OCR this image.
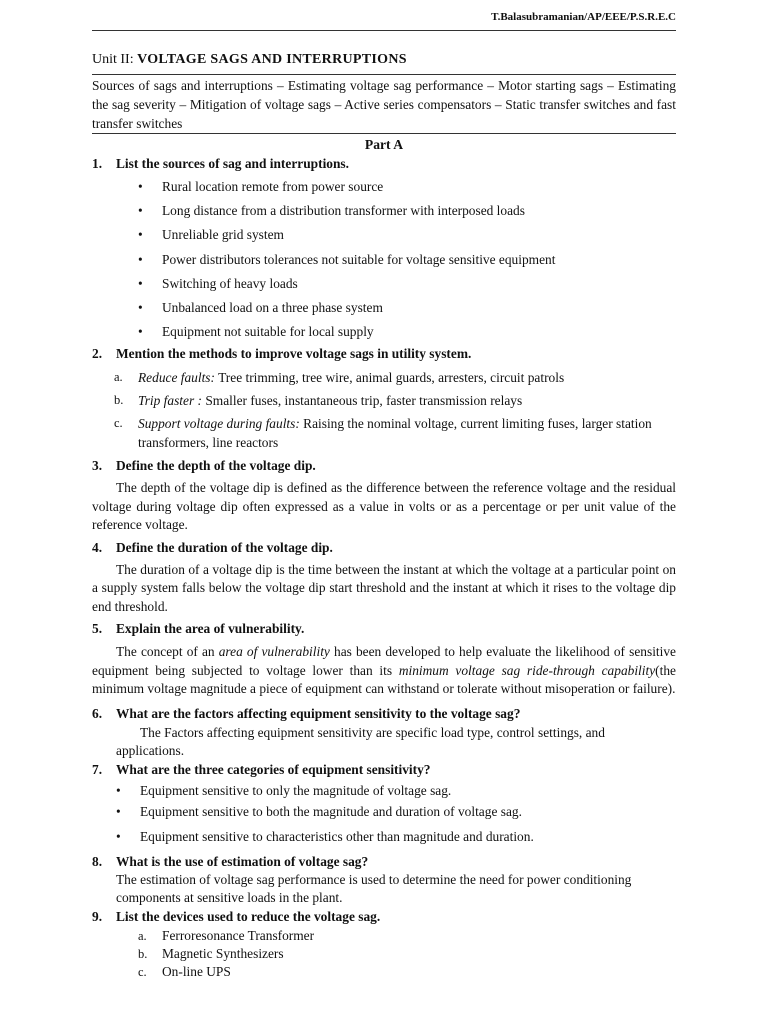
T.Balasubramanian/AP/EEE/P.S.R.E.C
Unit II: VOLTAGE SAGS AND INTERRUPTIONS
Sources of sags and interruptions – Estimating voltage sag performance – Motor starting sags – Estimating the sag severity – Mitigation of voltage sags – Active series compensators – Static transfer switches and fast transfer switches
Part A
1.	List the sources of sag and interruptions.
• Rural location remote from power source
• Long distance from a distribution transformer with interposed loads
• Unreliable grid system
• Power distributors tolerances not suitable for voltage sensitive equipment
• Switching of heavy loads
• Unbalanced load on a three phase system
• Equipment not suitable for local supply
2.	Mention the methods to improve voltage sags in utility system.
a. Reduce faults: Tree trimming, tree wire, animal guards, arresters, circuit patrols
b. Trip faster : Smaller fuses, instantaneous trip, faster transmission relays
c. Support voltage during faults: Raising the nominal voltage, current limiting fuses, larger station transformers, line reactors
3.	Define the depth of the voltage dip.

The depth of the voltage dip is defined as the difference between the reference voltage and the residual voltage during voltage dip often expressed as a value in volts or as a percentage or per unit value of the reference voltage.

4.	Define the duration of the voltage dip.

The duration of a voltage dip is the time between the instant at which the voltage at a particular point on a supply system falls below the voltage dip start threshold and the instant at which it rises to the voltage dip end threshold.

5.	Explain the area of vulnerability.

The concept of an area of vulnerability has been developed to help evaluate the likelihood of sensitive equipment being subjected to voltage lower than its minimum voltage sag ride-through capability(the minimum voltage magnitude a piece of equipment can withstand or tolerate without misoperation or failure).

6.	What are the factors affecting equipment sensitivity to the voltage sag?

The Factors affecting equipment sensitivity are specific load type, control settings, and applications.

7.	What are the three categories of equipment sensitivity?
• Equipment sensitive to only the magnitude of voltage sag.
• Equipment sensitive to both the magnitude and duration of voltage sag.
• Equipment sensitive to characteristics other than magnitude and duration.
8.	What is the use of estimation of voltage sag?

The estimation of voltage sag performance is used to determine the need for power conditioning components at sensitive loads in the plant.

9.	List the devices used to reduce the voltage sag.
a. Ferroresonance Transformer
b. Magnetic Synthesizers
c. On-line UPS
